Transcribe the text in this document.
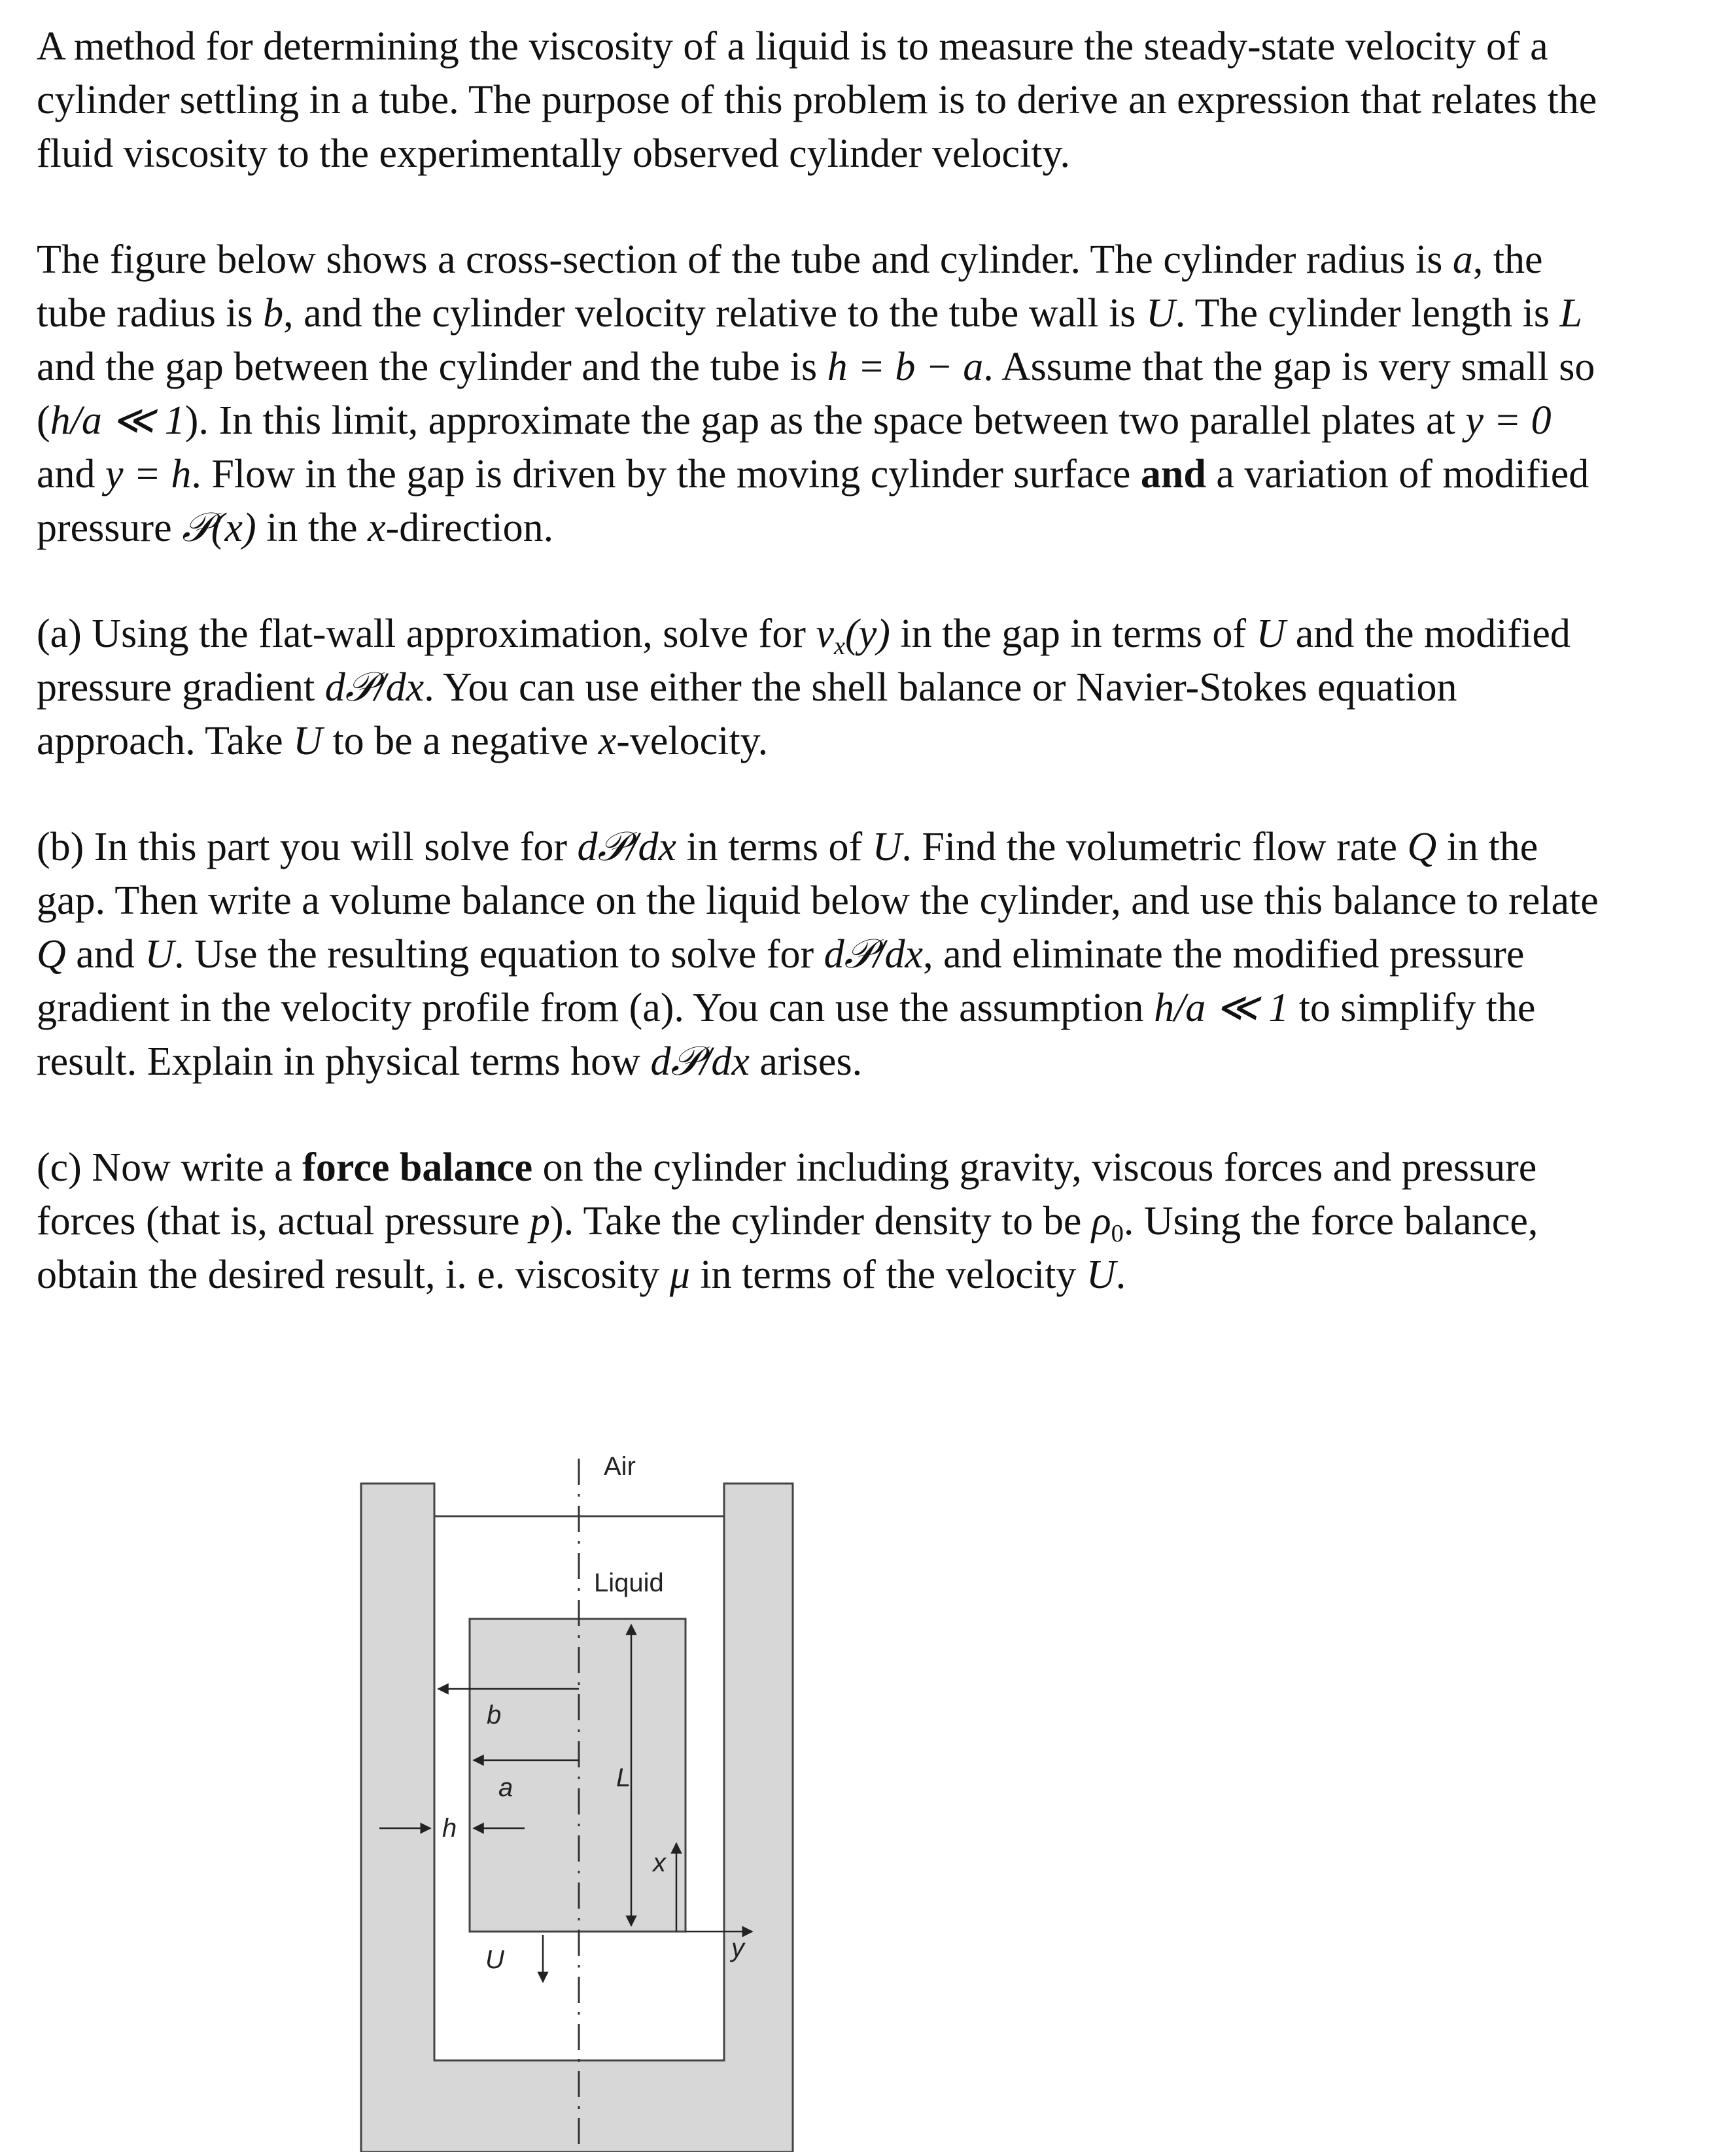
A method for determining the viscosity of a liquid is to measure the steady-state velocity of a
cylinder settling in a tube. The purpose of this problem is to derive an expression that relates the
fluid viscosity to the experimentally observed cylinder velocity.

The figure below shows a cross-section of the tube and cylinder. The cylinder radius is a, the
tube radius is b, and the cylinder velocity relative to the tube wall is U. The cylinder length is L
and the gap between the cylinder and the tube is h = b − a. Assume that the gap is very small so
(h/a ≪ 1). In this limit, approximate the gap as the space between two parallel plates at y = 0
and y = h. Flow in the gap is driven by the moving cylinder surface and a variation of modified
pressure 𝒫(x) in the x-direction.

(a) Using the flat-wall approximation, solve for $v_x(y)$ in the gap in terms of U and the modified
pressure gradient d𝒫/dx. You can use either the shell balance or Navier-Stokes equation
approach. Take U to be a negative x-velocity.

(b) In this part you will solve for d𝒫/dx in terms of U. Find the volumetric flow rate Q in the
gap. Then write a volume balance on the liquid below the cylinder, and use this balance to relate
Q and U. Use the resulting equation to solve for d𝒫/dx, and eliminate the modified pressure
gradient in the velocity profile from (a). You can use the assumption h/a ≪ 1 to simplify the
result. Explain in physical terms how d𝒫/dx arises.

(c) Now write a force balance on the cylinder including gravity, viscous forces and pressure
forces (that is, actual pressure p). Take the cylinder density to be $\rho_0$. Using the force balance,
obtain the desired result, i. e. viscosity μ in terms of the velocity U.

Air
Liquid
b
a
h
L
x
y
U
